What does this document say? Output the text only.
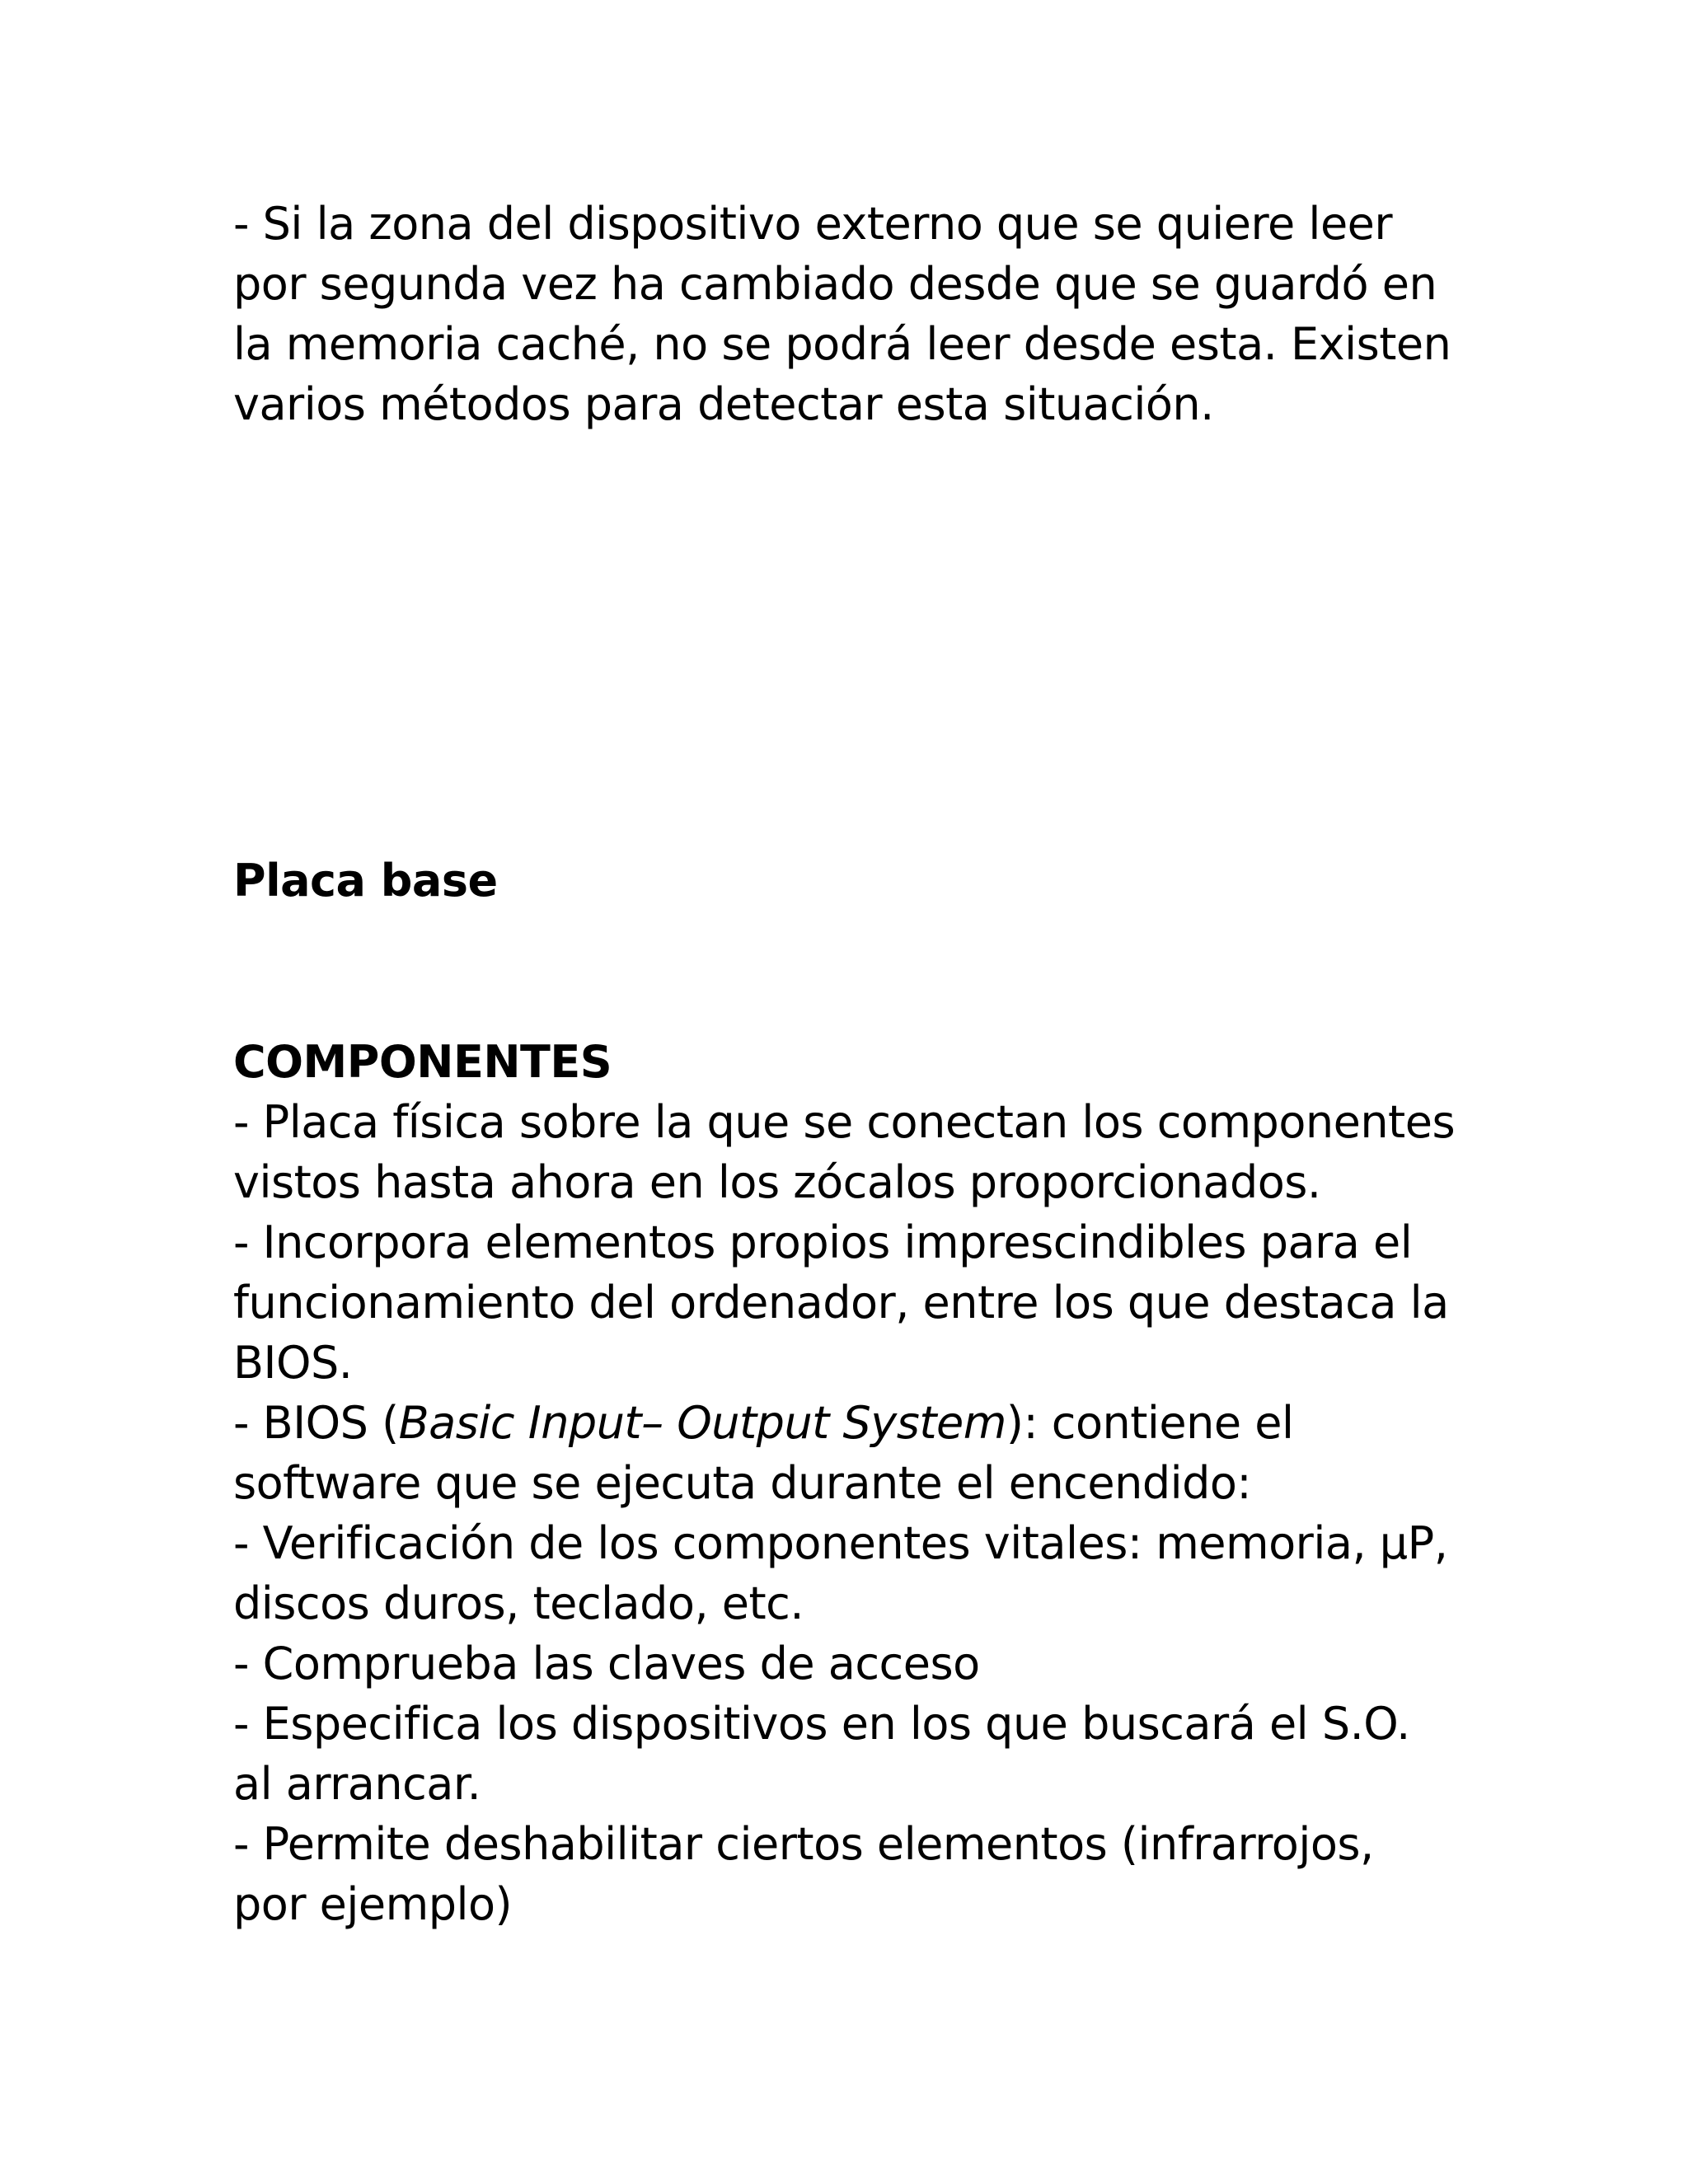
- Si la zona del dispositivo externo que se quiere leer

por segunda vez ha cambiado desde que se guardó en

la memoria caché, no se podrá leer desde esta. Existen

varios métodos para detectar esta situación.

Placa base

COMPONENTES

- Placa física sobre la que se conectan los componentes

vistos hasta ahora en los zócalos proporcionados.

- Incorpora elementos propios imprescindibles para el

funcionamiento del ordenador, entre los que destaca la

BIOS.

- BIOS (Basic Input– Output System): contiene el

software que se ejecuta durante el encendido:

- Verificación de los componentes vitales: memoria, µP,

discos duros, teclado, etc.

- Comprueba las claves de acceso

- Especifica los dispositivos en los que buscará el S.O.

al arrancar.

- Permite deshabilitar ciertos elementos (infrarrojos,

por ejemplo)
